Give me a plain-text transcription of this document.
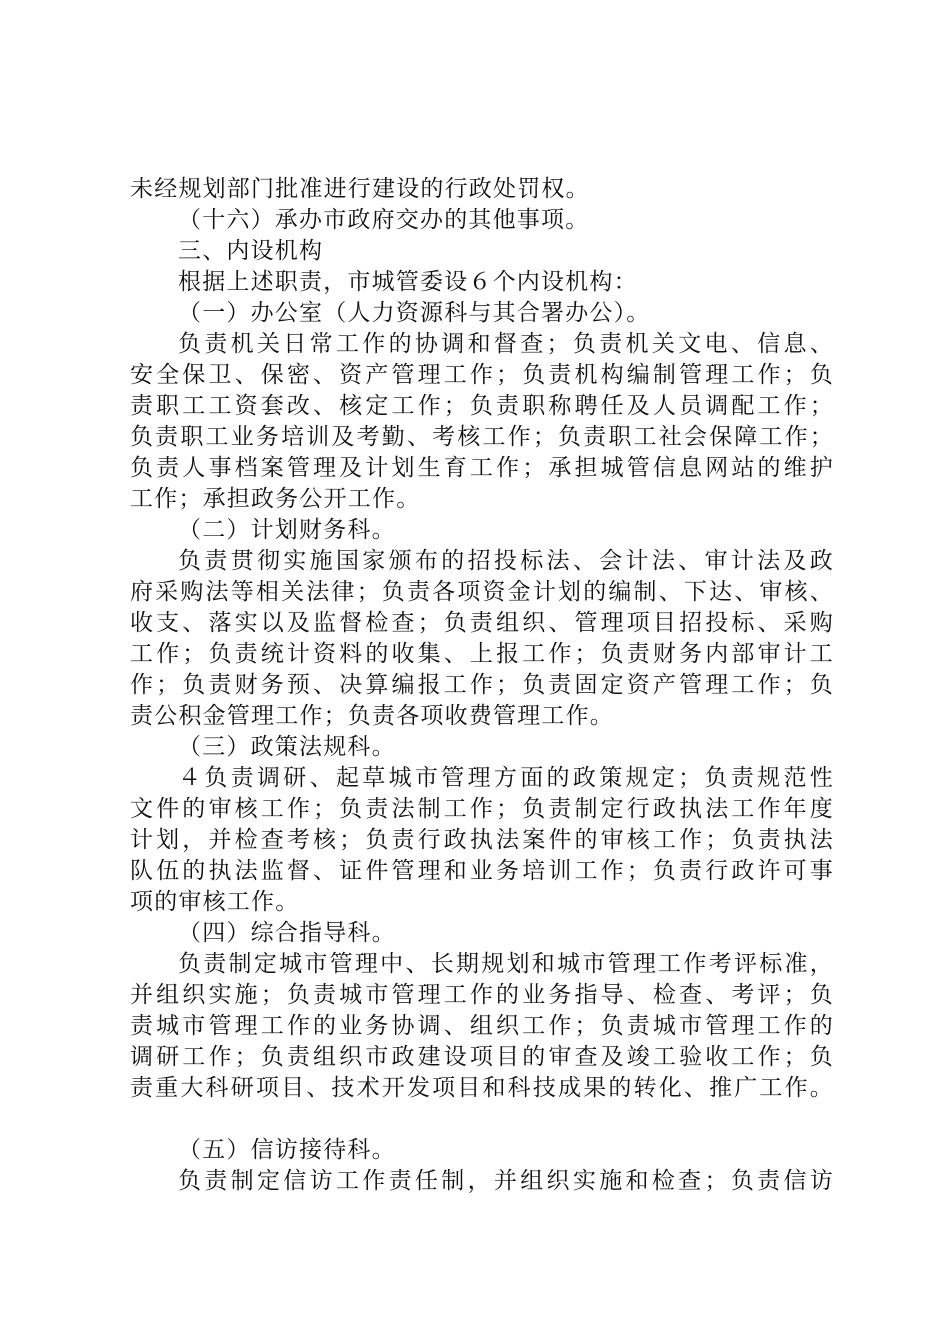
未经规划部门批准进行建设的行政处罚权。
（十六）承办市政府交办的其他事项。
三、内设机构
根据上述职责，市城管委设６个内设机构：
（一）办公室（人力资源科与其合署办公）。
负责机关日常工作的协调和督查；负责机关文电、信息、
安全保卫、保密、资产管理工作；负责机构编制管理工作；负
责职工工资套改、核定工作；负责职称聘任及人员调配工作；
负责职工业务培训及考勤、考核工作；负责职工社会保障工作；
负责人事档案管理及计划生育工作；承担城管信息网站的维护
工作；承担政务公开工作。
（二）计划财务科。
负责贯彻实施国家颁布的招投标法、会计法、审计法及政
府采购法等相关法律；负责各项资金计划的编制、下达、审核、
收支、落实以及监督检查；负责组织、管理项目招投标、采购
工作；负责统计资料的收集、上报工作；负责财务内部审计工
作；负责财务预、决算编报工作；负责固定资产管理工作；负
责公积金管理工作；负责各项收费管理工作。
（三）政策法规科。
４负责调研、起草城市管理方面的政策规定；负责规范性
文件的审核工作；负责法制工作；负责制定行政执法工作年度
计划，并检查考核；负责行政执法案件的审核工作；负责执法
队伍的执法监督、证件管理和业务培训工作；负责行政许可事
项的审核工作。
（四）综合指导科。
负责制定城市管理中、长期规划和城市管理工作考评标准，
并组织实施；负责城市管理工作的业务指导、检查、考评；负
责城市管理工作的业务协调、组织工作；负责城市管理工作的
调研工作；负责组织市政建设项目的审查及竣工验收工作；负
责重大科研项目、技术开发项目和科技成果的转化、推广工作。
（五）信访接待科。
负责制定信访工作责任制，并组织实施和检查；负责信访
